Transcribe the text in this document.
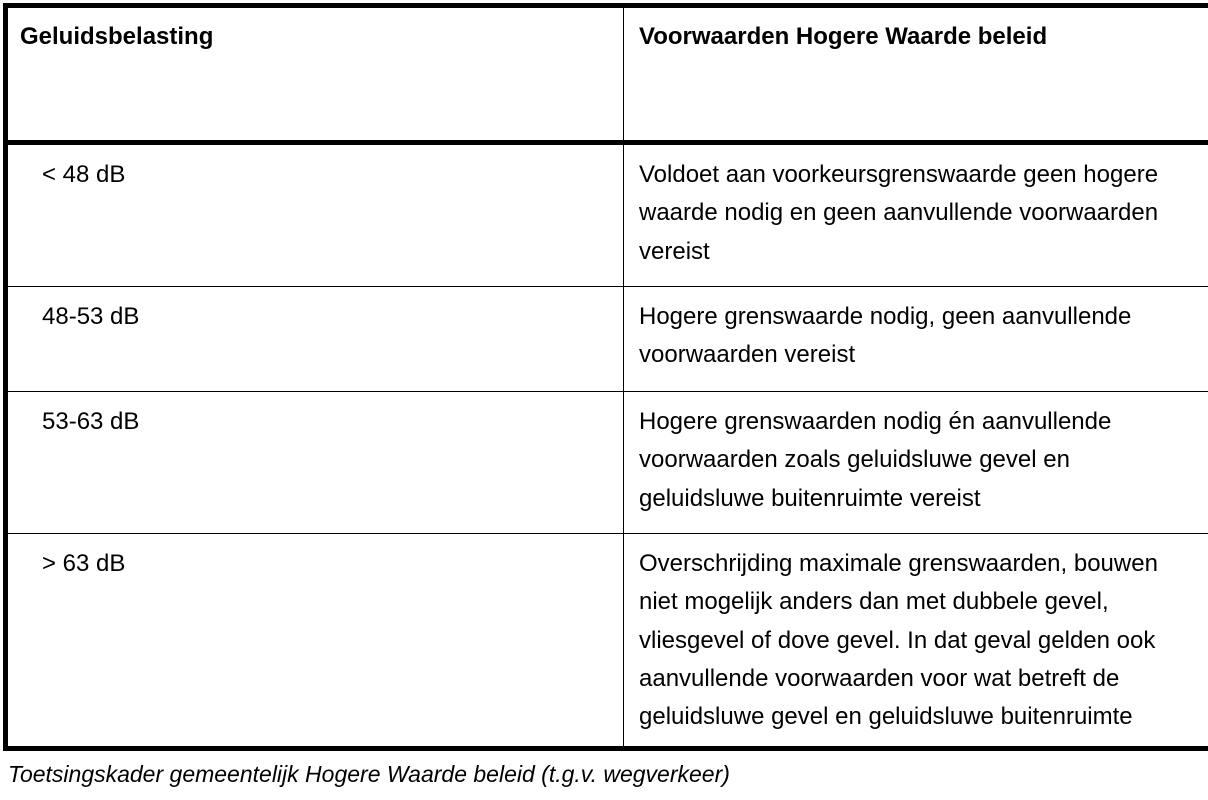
Geluidsbelasting	Voorwaarden Hogere Waarde beleid
< 48 dB	Voldoet aan voorkeursgrenswaarde geen hogere
waarde nodig en geen aanvullende voorwaarden
vereist
48-53 dB	Hogere grenswaarde nodig, geen aanvullende
voorwaarden vereist
53-63 dB	Hogere grenswaarden nodig én aanvullende
voorwaarden zoals geluidsluwe gevel en
geluidsluwe buitenruimte vereist
> 63 dB	Overschrijding maximale grenswaarden, bouwen
niet mogelijk anders dan met dubbele gevel,
vliesgevel of dove gevel. In dat geval gelden ook
aanvullende voorwaarden voor wat betreft de
geluidsluwe gevel en geluidsluwe buitenruimte
Toetsingskader gemeentelijk Hogere Waarde beleid (t.g.v. wegverkeer)
